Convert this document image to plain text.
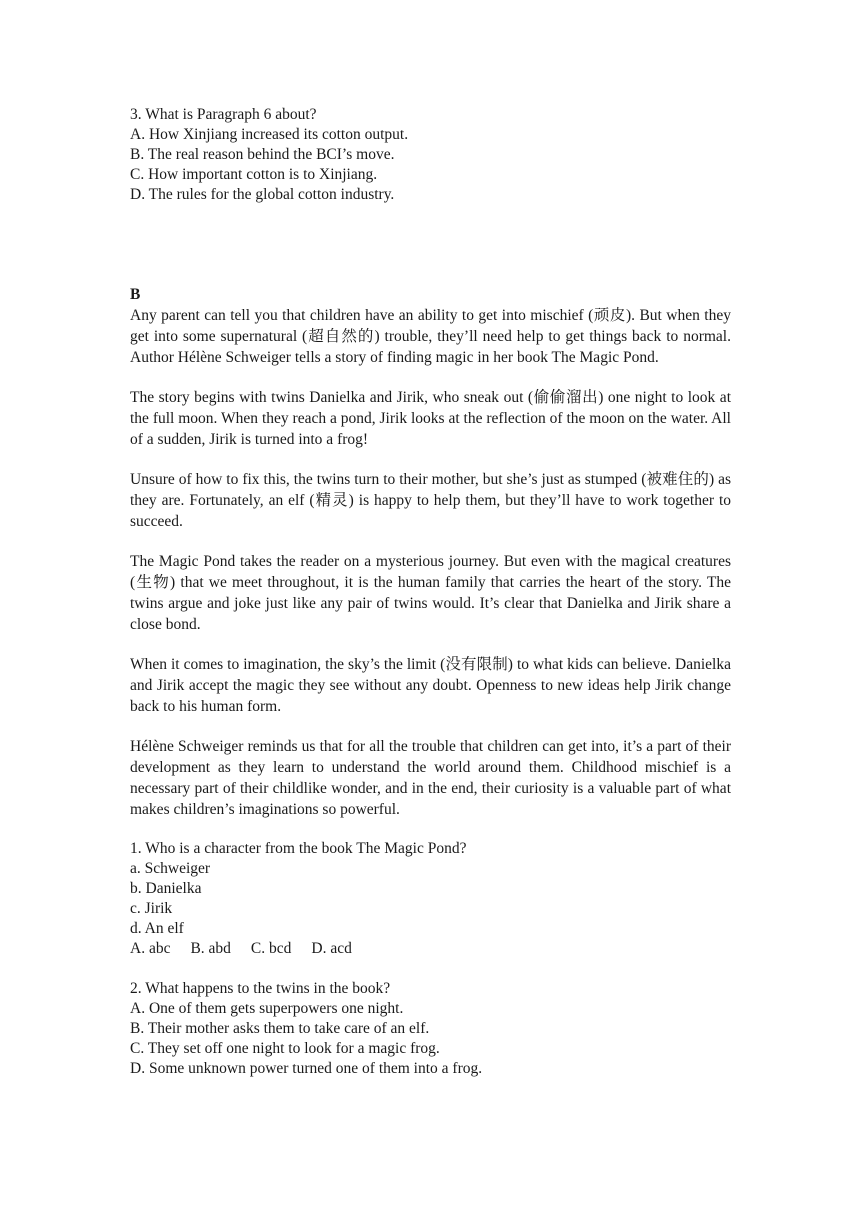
3. What is Paragraph 6 about?

A. How Xinjiang increased its cotton output.

B. The real reason behind the BCI’s move.

C. How important cotton is to Xinjiang.

D. The rules for the global cotton industry.

B

Any parent can tell you that children have an ability to get into mischief (顽皮). But when they get into some supernatural (超自然的) trouble, they’ll need help to get things back to normal. Author Hélène Schweiger tells a story of finding magic in her book The Magic Pond.

The story begins with twins Danielka and Jirik, who sneak out (偷偷溜出) one night to look at the full moon. When they reach a pond, Jirik looks at the reflection of the moon on the water. All of a sudden, Jirik is turned into a frog!

Unsure of how to fix this, the twins turn to their mother, but she’s just as stumped (被难住的) as they are. Fortunately, an elf (精灵) is happy to help them, but they’ll have to work together to succeed.

The Magic Pond takes the reader on a mysterious journey. But even with the magical creatures (生物) that we meet throughout, it is the human family that carries the heart of the story. The twins argue and joke just like any pair of twins would. It’s clear that Danielka and Jirik share a close bond.

When it comes to imagination, the sky’s the limit (没有限制) to what kids can believe. Danielka and Jirik accept the magic they see without any doubt. Openness to new ideas help Jirik change back to his human form.

Hélène Schweiger reminds us that for all the trouble that children can get into, it’s a part of their development as they learn to understand the world around them. Childhood mischief is a necessary part of their childlike wonder, and in the end, their curiosity is a valuable part of what makes children’s imaginations so powerful.

1. Who is a character from the book The Magic Pond?

a. Schweiger

b. Danielka

c. Jirik

d. An elf

A. abc B. abd C. bcd D. acd

2. What happens to the twins in the book?

A. One of them gets superpowers one night.

B. Their mother asks them to take care of an elf.

C. They set off one night to look for a magic frog.

D. Some unknown power turned one of them into a frog.
